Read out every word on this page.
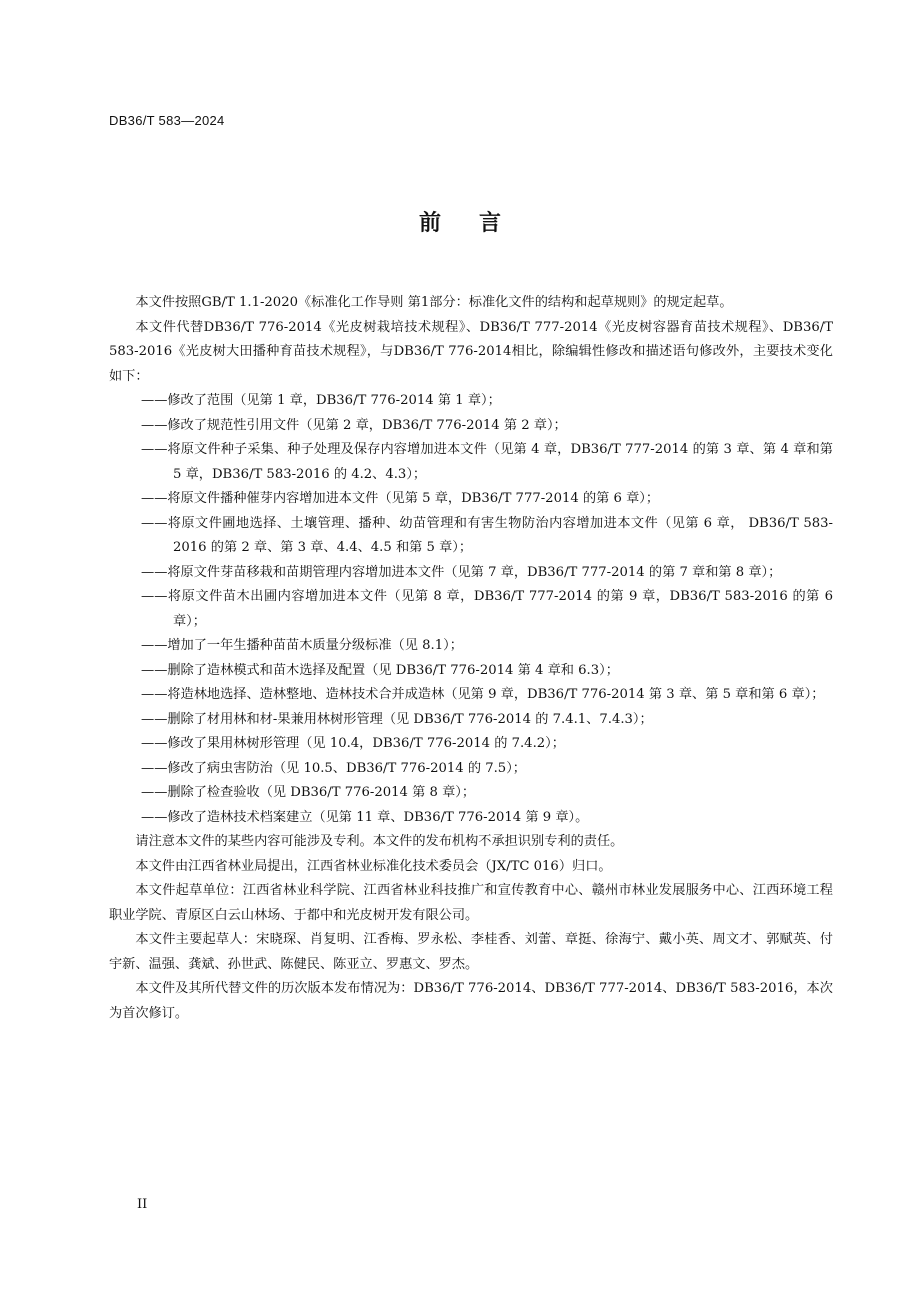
DB36/T 583—2024
前 言

本文件按照GB/T 1.1-2020《标准化工作导则 第1部分：标准化文件的结构和起草规则》的规定起草。

本文件代替DB36/T 776-2014《光皮树栽培技术规程》、DB36/T 777-2014《光皮树容器育苗技术规程》、DB36/T 583-2016《光皮树大田播种育苗技术规程》，与DB36/T 776-2014相比，除编辑性修改和描述语句修改外，主要技术变化如下：

——修改了范围（见第 1 章，DB36/T 776-2014 第 1 章）；

——修改了规范性引用文件（见第 2 章，DB36/T 776-2014 第 2 章）；

——将原文件种子采集、种子处理及保存内容增加进本文件（见第 4 章，DB36/T 777-2014 的第 3 章、第 4 章和第 5 章，DB36/T 583-2016 的 4.2、4.3）；

——将原文件播种催芽内容增加进本文件（见第 5 章，DB36/T 777-2014 的第 6 章）；

——将原文件圃地选择、土壤管理、播种、幼苗管理和有害生物防治内容增加进本文件（见第 6 章， DB36/T 583-2016 的第 2 章、第 3 章、4.4、4.5 和第 5 章）；

——将原文件芽苗移栽和苗期管理内容增加进本文件（见第 7 章，DB36/T 777-2014 的第 7 章和第 8 章）；

——将原文件苗木出圃内容增加进本文件（见第 8 章，DB36/T 777-2014 的第 9 章，DB36/T 583-2016 的第 6 章）；

——增加了一年生播种苗苗木质量分级标准（见 8.1）；

——删除了造林模式和苗木选择及配置（见 DB36/T 776-2014 第 4 章和 6.3）；

——将造林地选择、造林整地、造林技术合并成造林（见第 9 章，DB36/T 776-2014 第 3 章、第 5 章和第 6 章）；

——删除了材用林和材-果兼用林树形管理（见 DB36/T 776-2014 的 7.4.1、7.4.3）；

——修改了果用林树形管理（见 10.4，DB36/T 776-2014 的 7.4.2）；

——修改了病虫害防治（见 10.5、DB36/T 776-2014 的 7.5）；

——删除了检查验收（见 DB36/T 776-2014 第 8 章）；

——修改了造林技术档案建立（见第 11 章、DB36/T 776-2014 第 9 章）。

请注意本文件的某些内容可能涉及专利。本文件的发布机构不承担识别专利的责任。

本文件由江西省林业局提出，江西省林业标准化技术委员会（JX/TC 016）归口。

本文件起草单位：江西省林业科学院、江西省林业科技推广和宣传教育中心、赣州市林业发展服务中心、江西环境工程职业学院、青原区白云山林场、于都中和光皮树开发有限公司。

本文件主要起草人：宋晓琛、肖复明、江香梅、罗永松、李桂香、刘蕾、章挺、徐海宁、戴小英、周文才、郭赋英、付宇新、温强、龚斌、孙世武、陈健民、陈亚立、罗惠文、罗杰。

本文件及其所代替文件的历次版本发布情况为：DB36/T 776-2014、DB36/T 777-2014、DB36/T 583-2016，本次为首次修订。

II
